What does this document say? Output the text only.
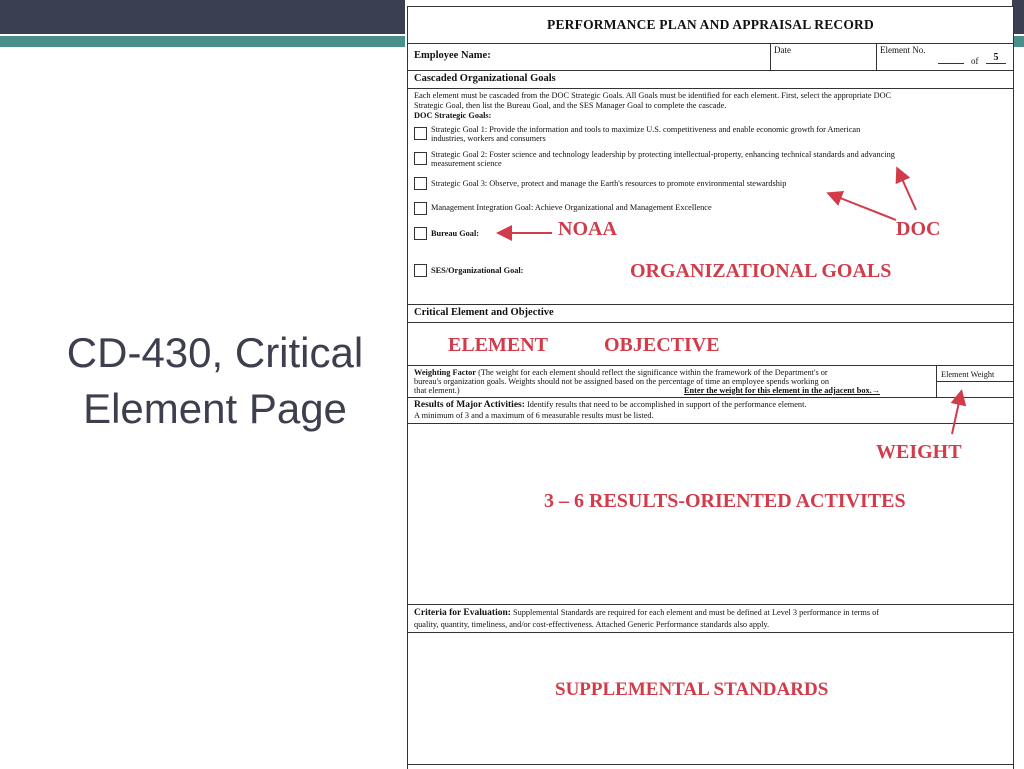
CD-430, Critical
Element Page
PERFORMANCE PLAN AND APPRAISAL RECORD
Employee Name:	Date	Element No.
of	5
Cascaded Organizational Goals
Each element must be cascaded from the DOC Strategic Goals. All Goals must be identified for each element. First, select the appropriate DOC
Strategic Goal, then list the Bureau Goal, and the SES Manager Goal to complete the cascade.
DOC Strategic Goals:
Strategic Goal 1: Provide the information and tools to maximize U.S. competitiveness and enable economic growth for American
industries, workers and consumers
Strategic Goal 2: Foster science and technology leadership by protecting intellectual-property, enhancing technical standards and advancing
measurement science
Strategic Goal 3: Observe, protect and manage the Earth's resources to promote environmental stewardship
Management Integration Goal: Achieve Organizational and Management Excellence
Bureau Goal:
SES/Organizational Goal:
Critical Element and Objective
Weighting Factor (The weight for each element should reflect the significance within the framework of the Department's or
bureau's organization goals. Weights should not be assigned based on the percentage of time an employee spends working on
that element.)	Enter the weight for this element in the adjacent box.→
Element Weight
Results of Major Activities: Identify results that need to be accomplished in support of the performance element.
A minimum of 3 and a maximum of 6 measurable results must be listed.
Criteria for Evaluation: Supplemental Standards are required for each element and must be defined at Level 3 performance in terms of
quality, quantity, timeliness, and/or cost-effectiveness. Attached Generic Performance standards also apply.
NOAA	DOC
ORGANIZATIONAL GOALS
ELEMENT	OBJECTIVE
WEIGHT
3 – 6 RESULTS-ORIENTED ACTIVITES
SUPPLEMENTAL STANDARDS
